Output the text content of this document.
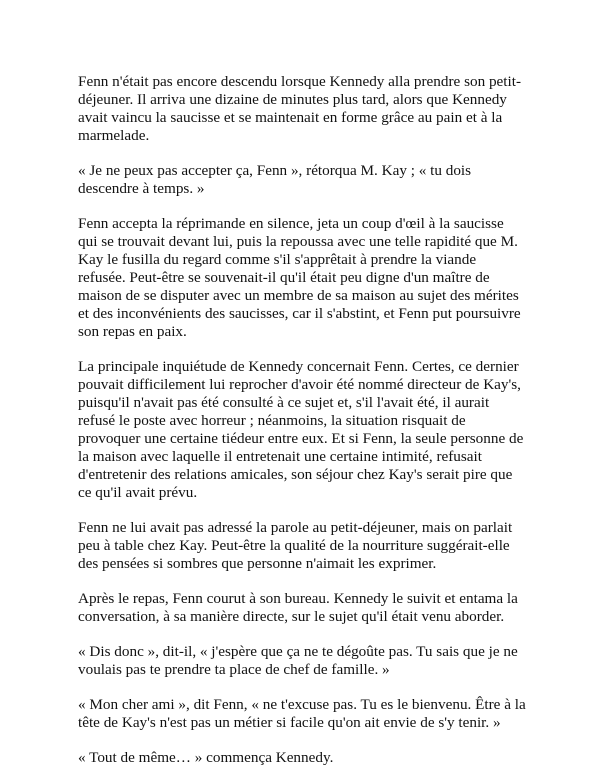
Fenn n'était pas encore descendu lorsque Kennedy alla prendre son petit-déjeuner. Il arriva une dizaine de minutes plus tard, alors que Kennedy avait vaincu la saucisse et se maintenait en forme grâce au pain et à la marmelade.

« Je ne peux pas accepter ça, Fenn », rétorqua M. Kay ; « tu dois descendre à temps. »

Fenn accepta la réprimande en silence, jeta un coup d'œil à la saucisse qui se trouvait devant lui, puis la repoussa avec une telle rapidité que M. Kay le fusilla du regard comme s'il s'apprêtait à prendre la viande refusée. Peut-être se souvenait-il qu'il était peu digne d'un maître de maison de se disputer avec un membre de sa maison au sujet des mérites et des inconvénients des saucisses, car il s'abstint, et Fenn put poursuivre son repas en paix.

La principale inquiétude de Kennedy concernait Fenn. Certes, ce dernier pouvait difficilement lui reprocher d'avoir été nommé directeur de Kay's, puisqu'il n'avait pas été consulté à ce sujet et, s'il l'avait été, il aurait refusé le poste avec horreur ; néanmoins, la situation risquait de provoquer une certaine tiédeur entre eux. Et si Fenn, la seule personne de la maison avec laquelle il entretenait une certaine intimité, refusait d'entretenir des relations amicales, son séjour chez Kay's serait pire que ce qu'il avait prévu.

Fenn ne lui avait pas adressé la parole au petit-déjeuner, mais on parlait peu à table chez Kay. Peut-être la qualité de la nourriture suggérait-elle des pensées si sombres que personne n'aimait les exprimer.

Après le repas, Fenn courut à son bureau. Kennedy le suivit et entama la conversation, à sa manière directe, sur le sujet qu'il était venu aborder.

« Dis donc », dit-il, « j'espère que ça ne te dégoûte pas. Tu sais que je ne voulais pas te prendre ta place de chef de famille. »

« Mon cher ami », dit Fenn, « ne t'excuse pas. Tu es le bienvenu. Être à la tête de Kay's n'est pas un métier si facile qu'on ait envie de s'y tenir. »

« Tout de même… » commença Kennedy.
